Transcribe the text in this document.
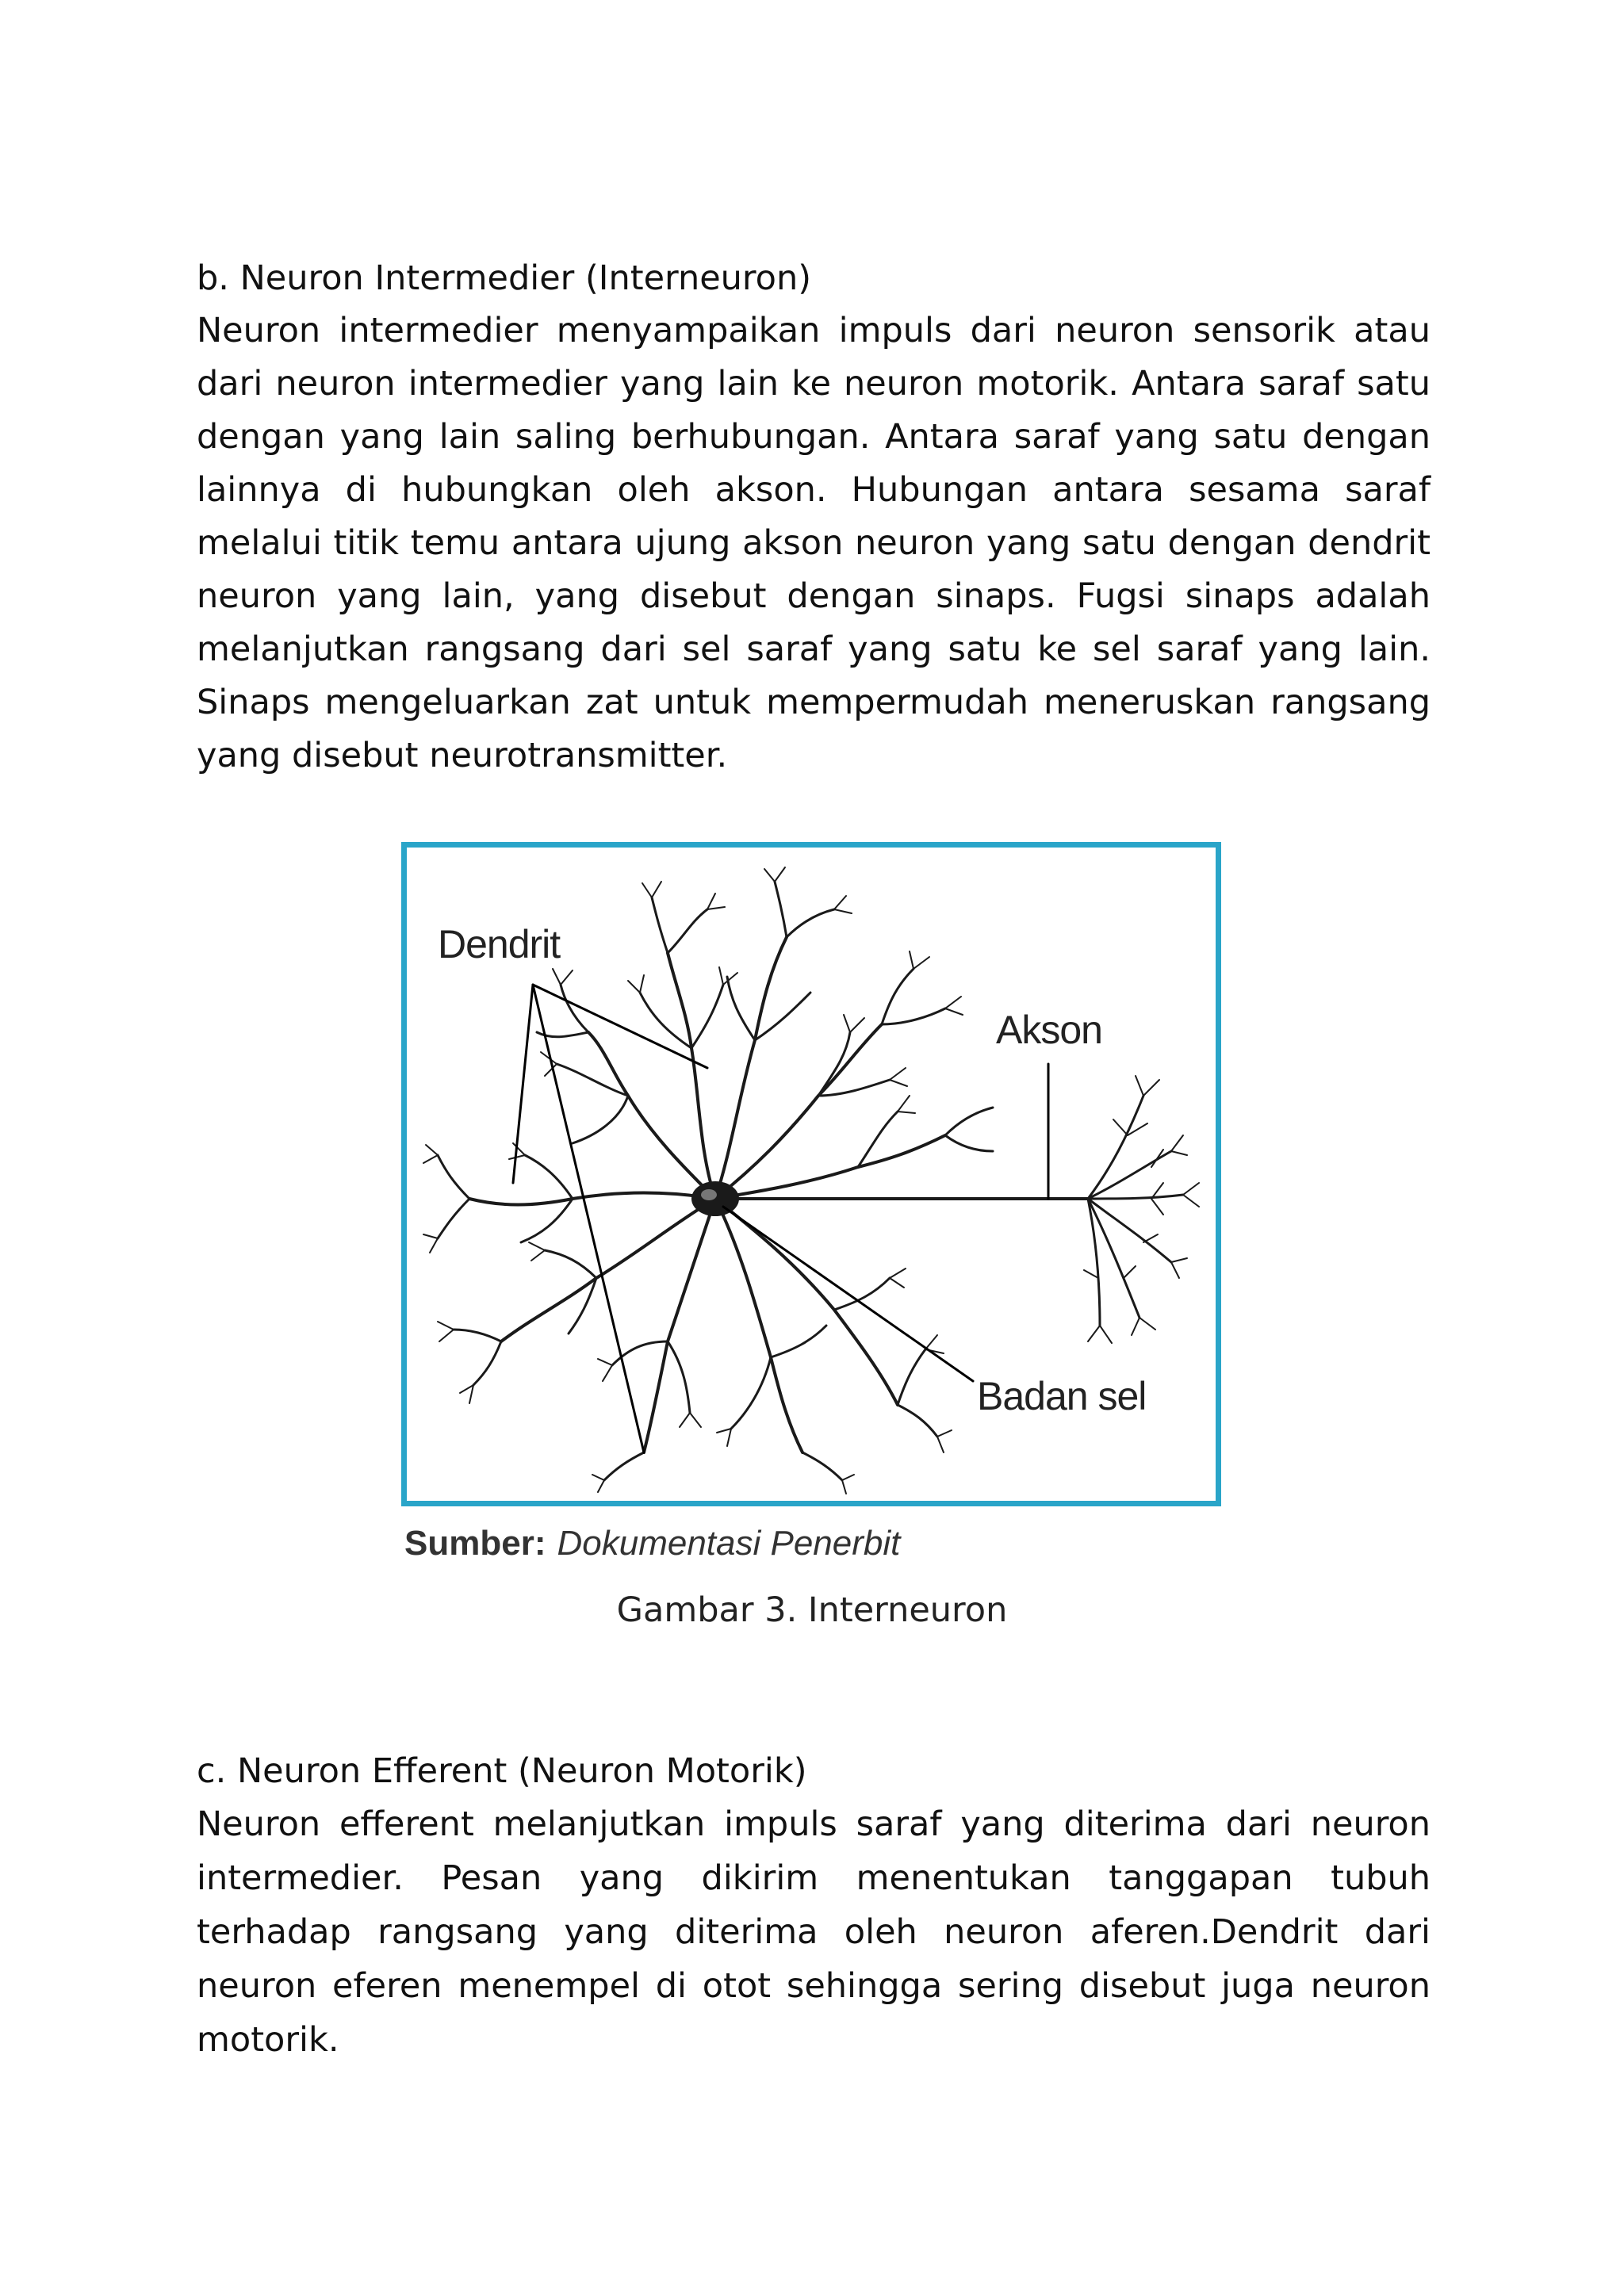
b. Neuron Intermedier (Interneuron)

Neuron intermedier menyampaikan impuls dari neuron sensorik atau dari neuron intermedier yang lain ke neuron motorik. Antara saraf satu dengan yang lain saling berhubungan. Antara saraf yang satu dengan lainnya di hubungkan oleh akson. Hubungan antara sesama saraf melalui titik temu antara ujung akson neuron yang satu dengan dendrit neuron yang lain, yang disebut dengan sinaps. Fugsi sinaps adalah melanjutkan rangsang dari sel saraf yang satu ke sel saraf yang lain. Sinaps mengeluarkan zat untuk mempermudah meneruskan rangsang yang disebut neurotransmitter.

Dendrit
Akson
Badan sel
Sumber: Dokumentasi Penerbit
Gambar 3. Interneuron
c. Neuron Efferent (Neuron Motorik)

Neuron efferent melanjutkan impuls saraf yang diterima dari neuron intermedier. Pesan yang dikirim menentukan tanggapan tubuh terhadap rangsang yang diterima oleh neuron aferen.Dendrit dari neuron eferen menempel di otot sehingga sering disebut juga neuron motorik.
